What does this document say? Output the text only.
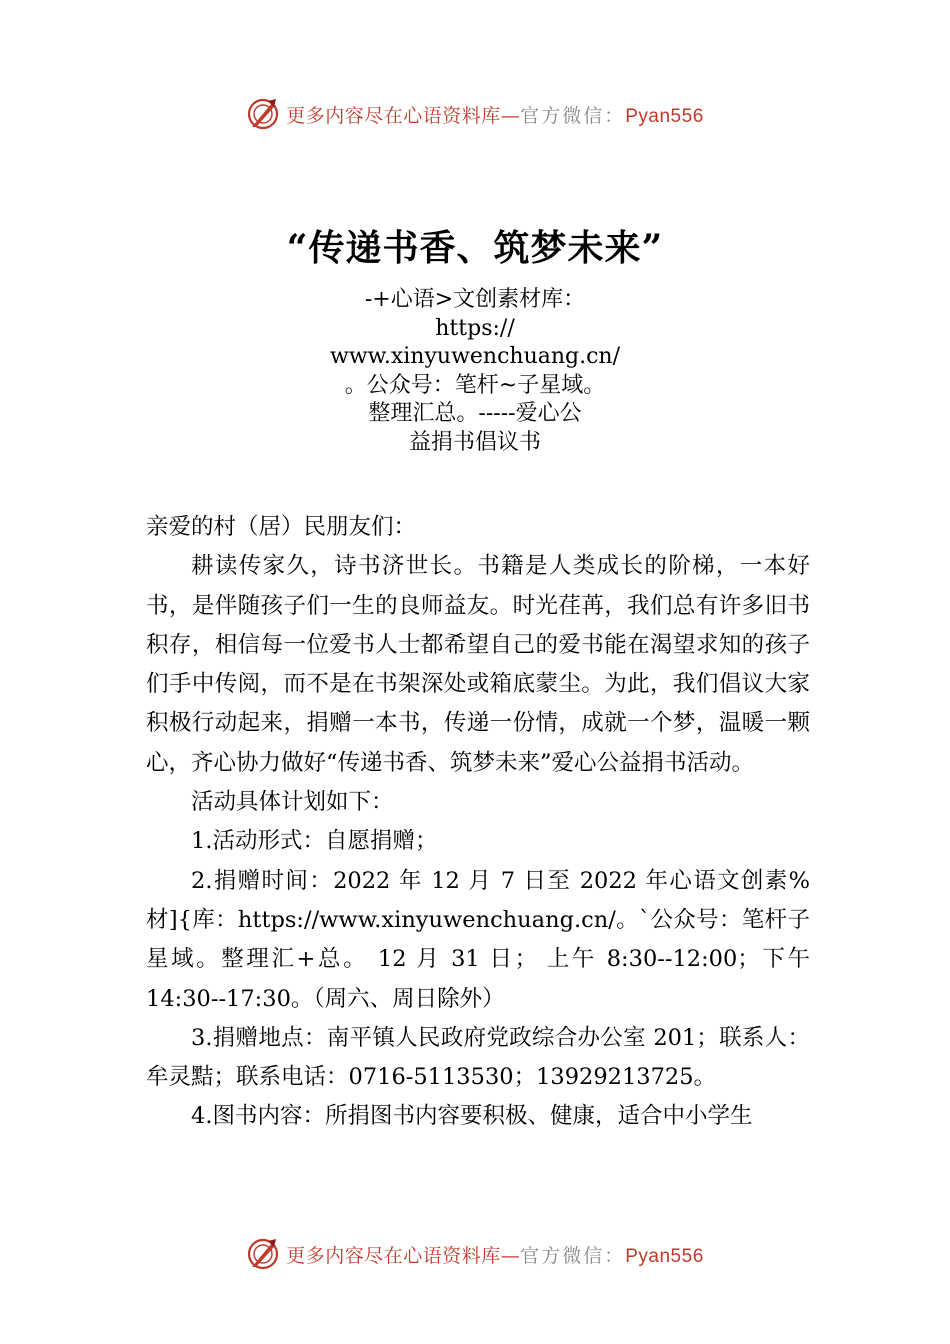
更多内容尽在心语资料库—官方微信：Pyan556
“传递书香、筑梦未来”
-+心语>文创素材库：
https://
www.xinyuwenchuang.cn/
。公众号：笔杆~子星域。
整理汇总。-----爱心公
益捐书倡议书

亲爱的村（居）民朋友们：

耕读传家久，诗书济世长。书籍是人类成长的阶梯，一本好书，是伴随孩子们一生的良师益友。时光荏苒，我们总有许多旧书积存，相信每一位爱书人士都希望自己的爱书能在渴望求知的孩子们手中传阅，而不是在书架深处或箱底蒙尘。为此，我们倡议大家积极行动起来，捐赠一本书，传递一份情，成就一个梦，温暖一颗心，齐心协力做好“传递书香、筑梦未来”爱心公益捐书活动。

活动具体计划如下：

1.活动形式：自愿捐赠；

2.捐赠时间：2022 年 12 月 7 日至 2022 年心语文创素%材]{库：https://www.xinyuwenchuang.cn/。`公众号：笔杆子星域。整理汇+总。 12 月 31 日； 上午 8:30--12:00；下午 14:30--17:30。（周六、周日除外）

3.捐赠地点：南平镇人民政府党政综合办公室 201；联系人：牟灵黠；联系电话：0716-5113530；13929213725。

4.图书内容：所捐图书内容要积极、健康，适合中小学生

更多内容尽在心语资料库—官方微信：Pyan556
